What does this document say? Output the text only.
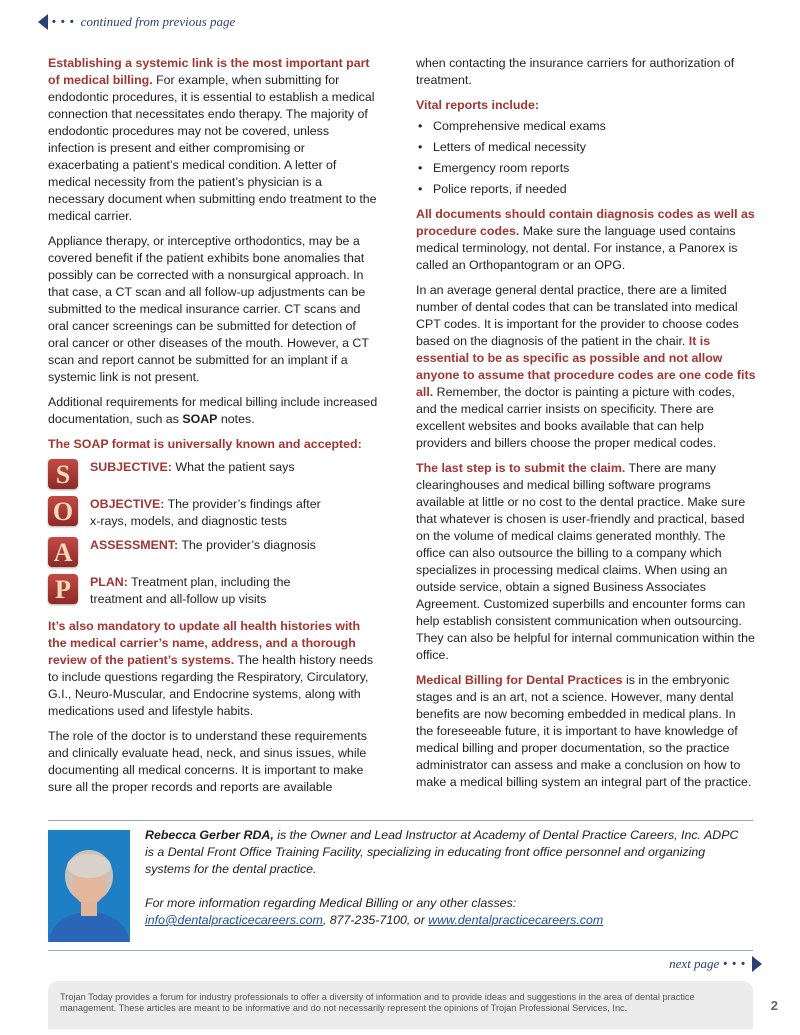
• • • continued from previous page

Establishing a systemic link is the most important part of medical billing. For example, when submitting for endodontic procedures, it is essential to establish a medical connection that necessitates endo therapy. The majority of endodontic procedures may not be covered, unless infection is present and either compromising or exacerbating a patient’s medical condition. A letter of medical necessity from the patient’s physician is a necessary document when submitting endo treatment to the medical carrier.

Appliance therapy, or interceptive orthodontics, may be a covered benefit if the patient exhibits bone anomalies that possibly can be corrected with a nonsurgical approach. In that case, a CT scan and all follow-up adjustments can be submitted to the medical insurance carrier. CT scans and oral cancer screenings can be submitted for detection of oral cancer or other diseases of the mouth. However, a CT scan and report cannot be submitted for an implant if a systemic link is not present.

Additional requirements for medical billing include increased documentation, such as SOAP notes.

The SOAP format is universally known and accepted:
S	SUBJECTIVE: What the patient says
O	OBJECTIVE: The provider’s findings after x-rays, models, and diagnostic tests
A	ASSESSMENT: The provider’s diagnosis
P	PLAN: Treatment plan, including the treatment and all-follow up visits

It’s also mandatory to update all health histories with the medical carrier’s name, address, and a thorough review of the patient’s systems. The health history needs to include questions regarding the Respiratory, Circulatory, G.I., Neuro-Muscular, and Endocrine systems, along with medications used and lifestyle habits.

The role of the doctor is to understand these requirements and clinically evaluate head, neck, and sinus issues, while documenting all medical concerns. It is important to make sure all the proper records and reports are available

when contacting the insurance carriers for authorization of treatment.

Vital reports include:
• Comprehensive medical exams
• Letters of medical necessity
• Emergency room reports
• Police reports, if needed

All documents should contain diagnosis codes as well as procedure codes. Make sure the language used contains medical terminology, not dental. For instance, a Panorex is called an Orthopantogram or an OPG.

In an average general dental practice, there are a limited number of dental codes that can be translated into medical CPT codes. It is important for the provider to choose codes based on the diagnosis of the patient in the chair. It is essential to be as specific as possible and not allow anyone to assume that procedure codes are one code fits all. Remember, the doctor is painting a picture with codes, and the medical carrier insists on specificity. There are excellent websites and books available that can help providers and billers choose the proper medical codes.

The last step is to submit the claim. There are many clearinghouses and medical billing software programs available at little or no cost to the dental practice. Make sure that whatever is chosen is user-friendly and practical, based on the volume of medical claims generated monthly. The office can also outsource the billing to a company which specializes in processing medical claims. When using an outside service, obtain a signed Business Associates Agreement. Customized superbills and encounter forms can help establish consistent communication when outsourcing. They can also be helpful for internal communication within the office.

Medical Billing for Dental Practices is in the embryonic stages and is an art, not a science. However, many dental benefits are now becoming embedded in medical plans. In the foreseeable future, it is important to have knowledge of medical billing and proper documentation, so the practice administrator can assess and make a conclusion on how to make a medical billing system an integral part of the practice.

Rebecca Gerber RDA, is the Owner and Lead Instructor at Academy of Dental Practice Careers, Inc. ADPC is a Dental Front Office Training Facility, specializing in educating front office personnel and organizing systems for the dental practice.

For more information regarding Medical Billing or any other classes:
info@dentalpracticecareers.com, 877-235-7100, or www.dentalpracticecareers.com

next page • • •
Trojan Today provides a forum for industry professionals to offer a diversity of information and to provide ideas and suggestions in the area of dental practice management. These articles are meant to be informative and do not necessarily represent the opinions of Trojan Professional Services, Inc.	2
